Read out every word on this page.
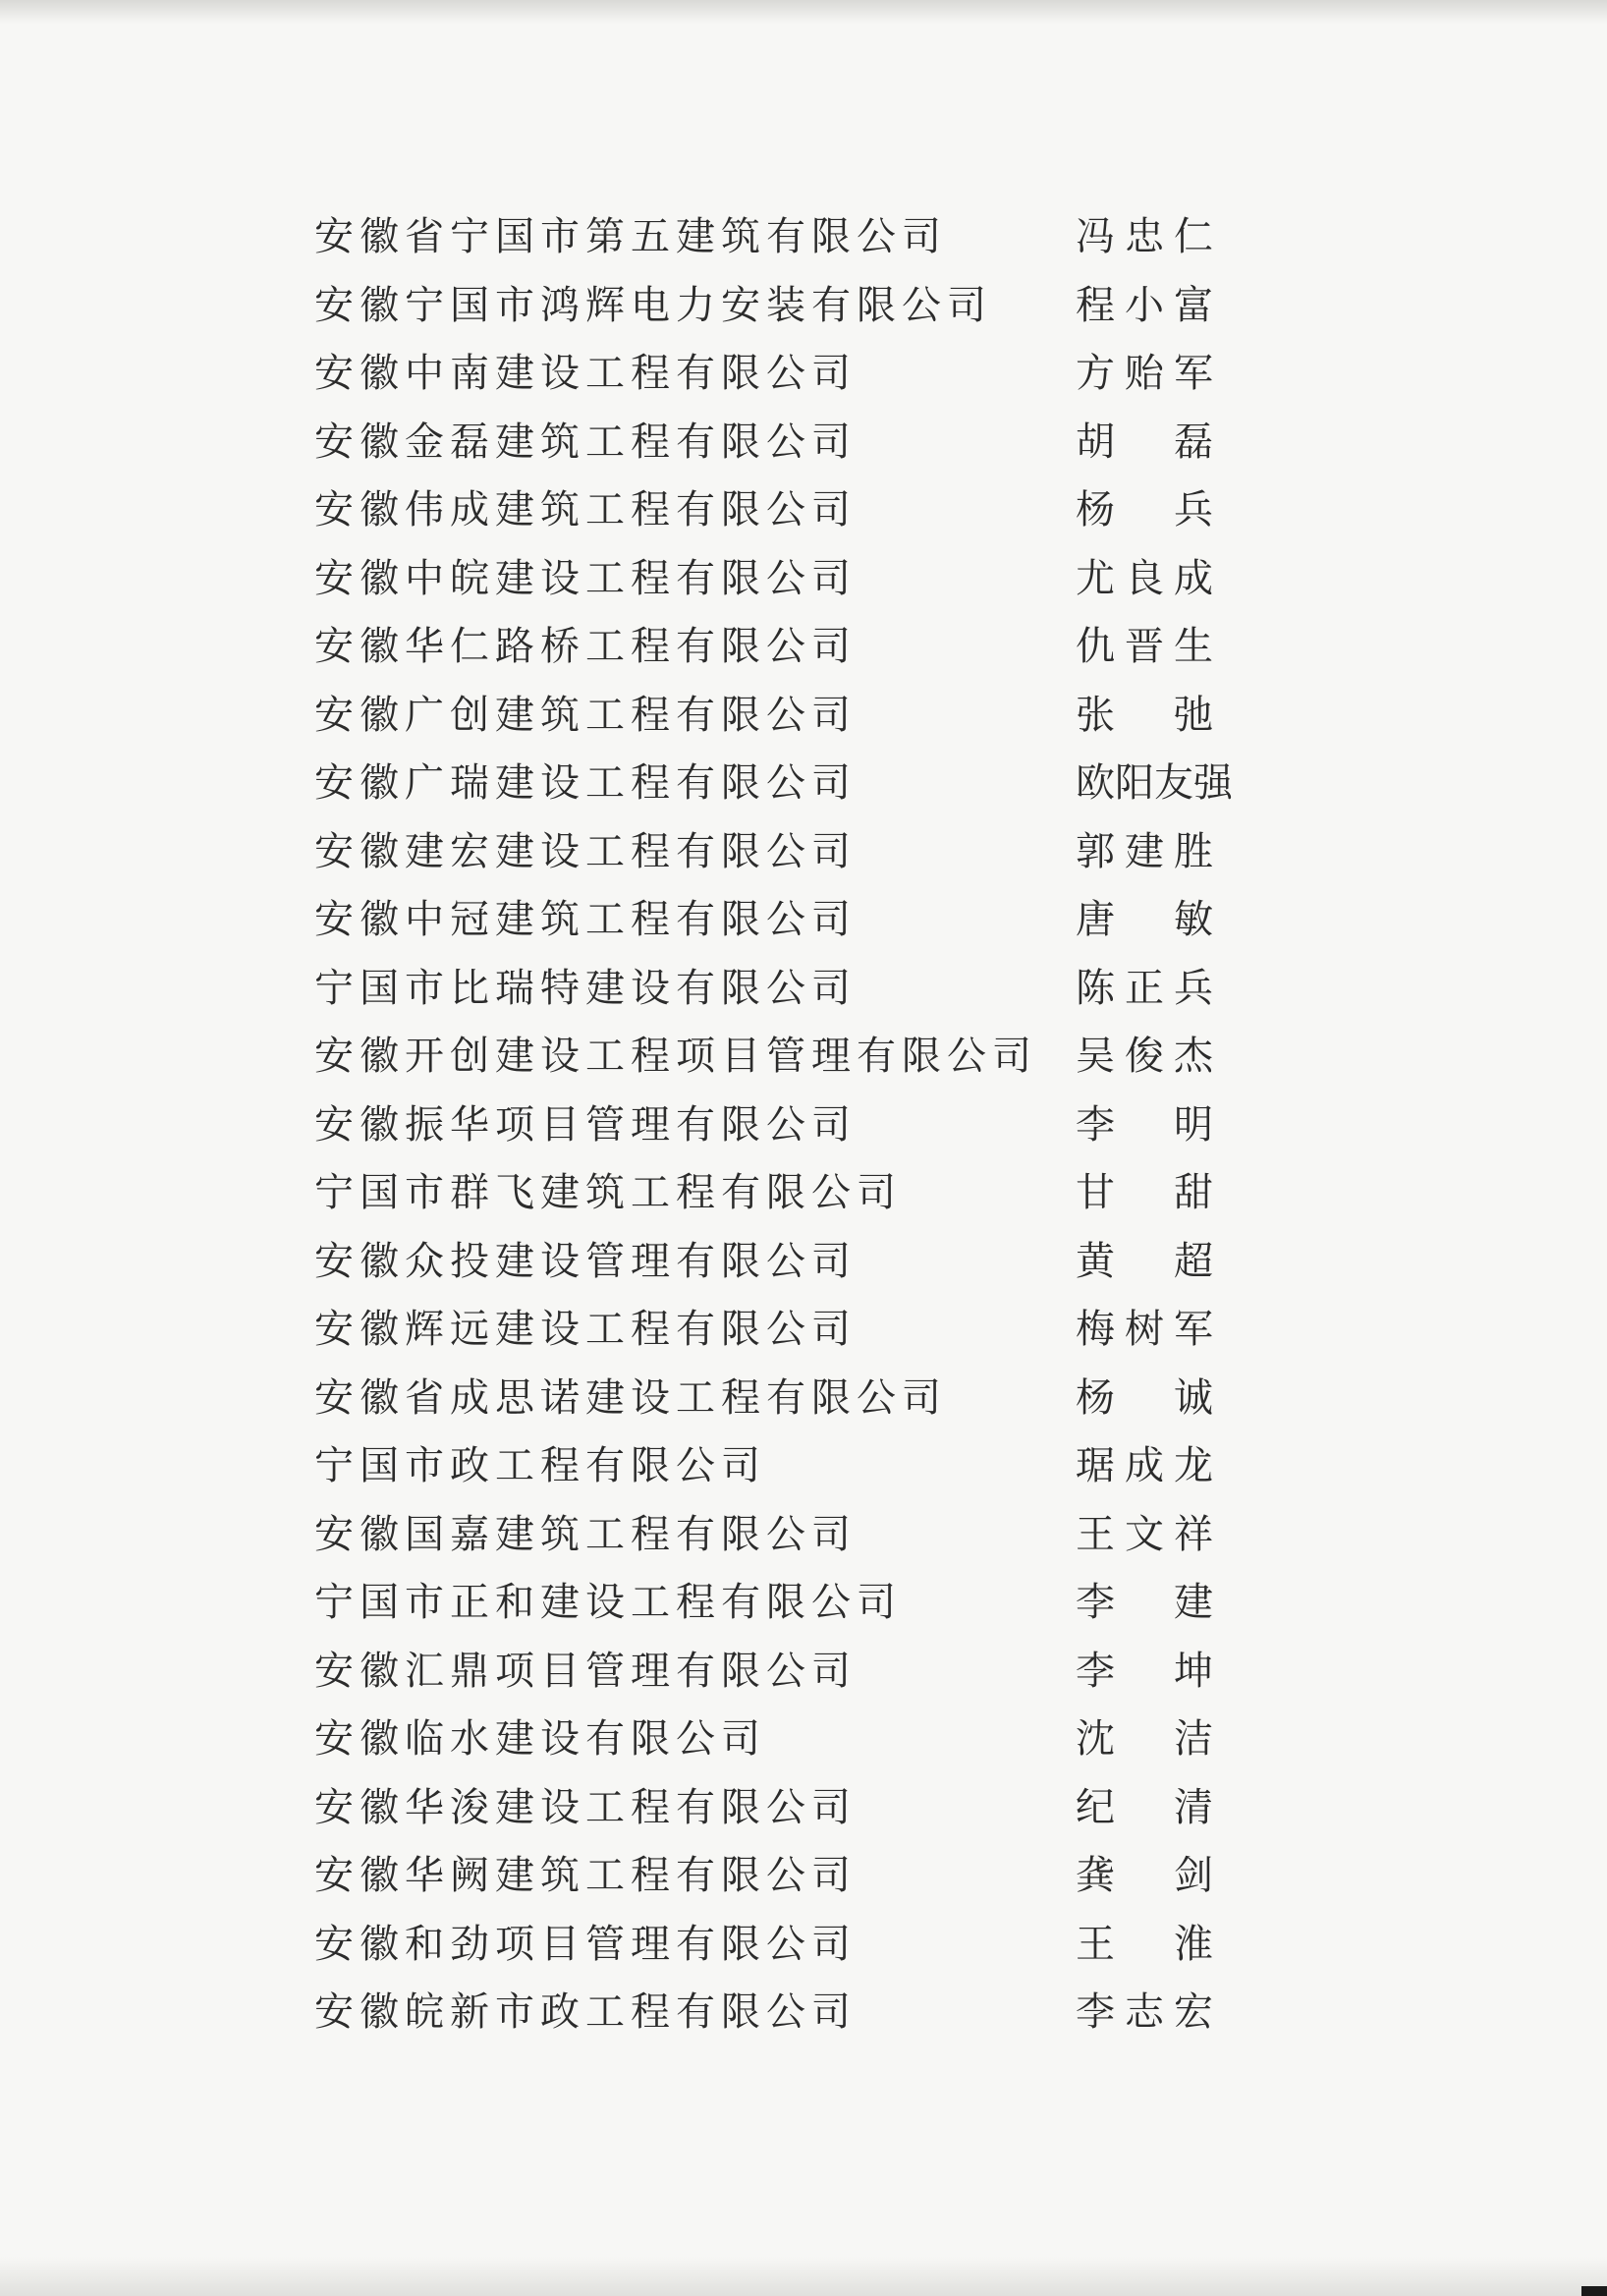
安徽省宁国市第五建筑有限公司	冯忠仁
安徽宁国市鸿辉电力安装有限公司 程小富
安徽中南建设工程有限公司	方贻军
安徽金磊建筑工程有限公司	胡 磊
安徽伟成建筑工程有限公司	杨 兵
安徽中皖建设工程有限公司	尤良成
安徽华仁路桥工程有限公司	仇晋生
安徽广创建筑工程有限公司	张 弛
安徽广瑞建设工程有限公司	欧阳友强
安徽建宏建设工程有限公司	郭建胜
安徽中冠建筑工程有限公司	唐 敏
宁国市比瑞特建设有限公司	陈正兵
安徽开创建设工程项目管理有限公司 吴俊杰
安徽振华项目管理有限公司	李 明
宁国市群飞建筑工程有限公司	甘 甜
安徽众投建设管理有限公司	黄 超
安徽辉远建设工程有限公司	梅树军
安徽省成思诺建设工程有限公司	杨 诚
宁国市政工程有限公司	琚成龙
安徽国嘉建筑工程有限公司	王文祥
宁国市正和建设工程有限公司	李 建
安徽汇鼎项目管理有限公司	李 坤
安徽临水建设有限公司	沈 洁
安徽华浚建设工程有限公司	纪 清
安徽华阙建筑工程有限公司	龚 剑
安徽和劲项目管理有限公司	王 淮
安徽皖新市政工程有限公司	李志宏
